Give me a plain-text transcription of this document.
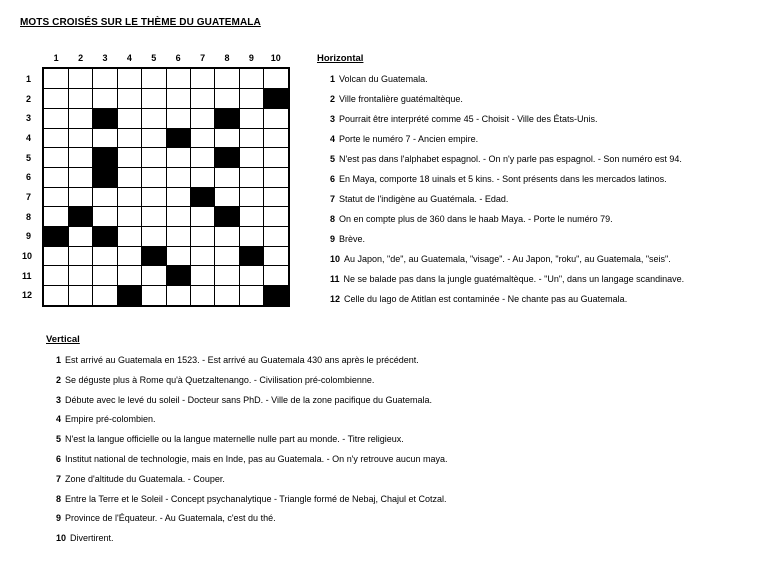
MOTS CROISÉS SUR LE THÈME DU GUATEMALA
1	2	3	4	5	6	7	8	9	10
1
2
3
4
5
6
7
8
9
10
11
12
Horizontal
1 Volcan du Guatemala.
2 Ville frontalière guatémaltèque.
3 Pourrait être interprété comme 45 - Choisit - Ville des États-Unis.
4 Porte le numéro 7 - Ancien empire.
5 N'est pas dans l'alphabet espagnol. - On n'y parle pas espagnol. - Son numéro est 94.
6 En Maya, comporte 18 uinals et 5 kins. - Sont présents dans les mercados latinos.
7 Statut de l'indigène au Guatémala. - Edad.
8 On en compte plus de 360 dans le haab Maya. - Porte le numéro 79.
9 Brève.
10 Au Japon, "de", au Guatemala, "visage". - Au Japon, "roku", au Guatemala, "seis".
11 Ne se balade pas dans la jungle guatémaltèque. - "Un", dans un langage scandinave.
12 Celle du lago de Atitlan est contaminée - Ne chante pas au Guatemala.
Vertical
1 Est arrivé au Guatemala en 1523. - Est arrivé au Guatemala 430 ans après le précédent.
2 Se déguste plus à Rome qu'à Quetzaltenango. - Civilisation pré-colombienne.
3 Débute avec le levé du soleil - Docteur sans PhD. - Ville de la zone pacifique du Guatemala.
4 Empire pré-colombien.
5 N'est la langue officielle ou la langue maternelle nulle part au monde. - Titre religieux.
6 Institut national de technologie, mais en Inde, pas au Guatemala. - On n'y retrouve aucun maya.
7 Zone d'altitude du Guatemala. - Couper.
8 Entre la Terre et le Soleil - Concept psychanalytique - Triangle formé de Nebaj, Chajul et Cotzal.
9 Province de l'Équateur. - Au Guatemala, c'est du thé.
10 Divertirent.
